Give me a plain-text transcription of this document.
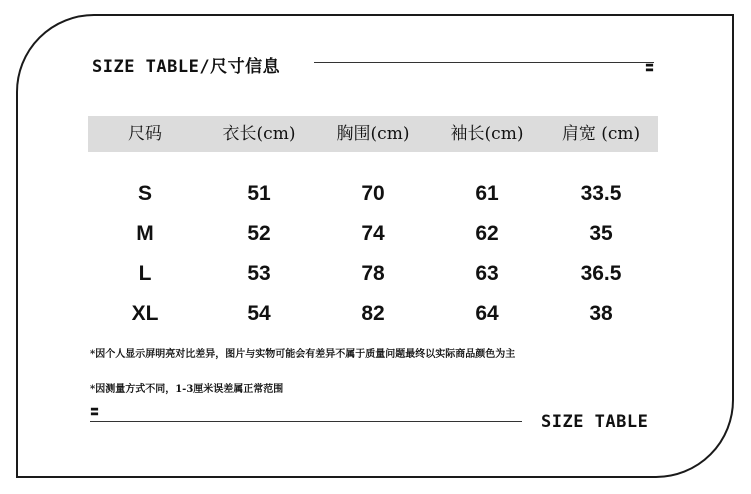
SIZE TABLE/尺寸信息	〓
尺码	衣长(cm)	胸围(cm)	袖长(cm)	肩宽 (cm)
S	51	70	61	33.5
M	52	74	62	35
L	53	78	63	36.5
XL	54	82	64	38
*因个人显示屏明亮对比差异，图片与实物可能会有差异不属于质量问题最终以实际商品颜色为主
*因测量方式不同，1-3厘米误差属正常范围
〓	SIZE TABLE
